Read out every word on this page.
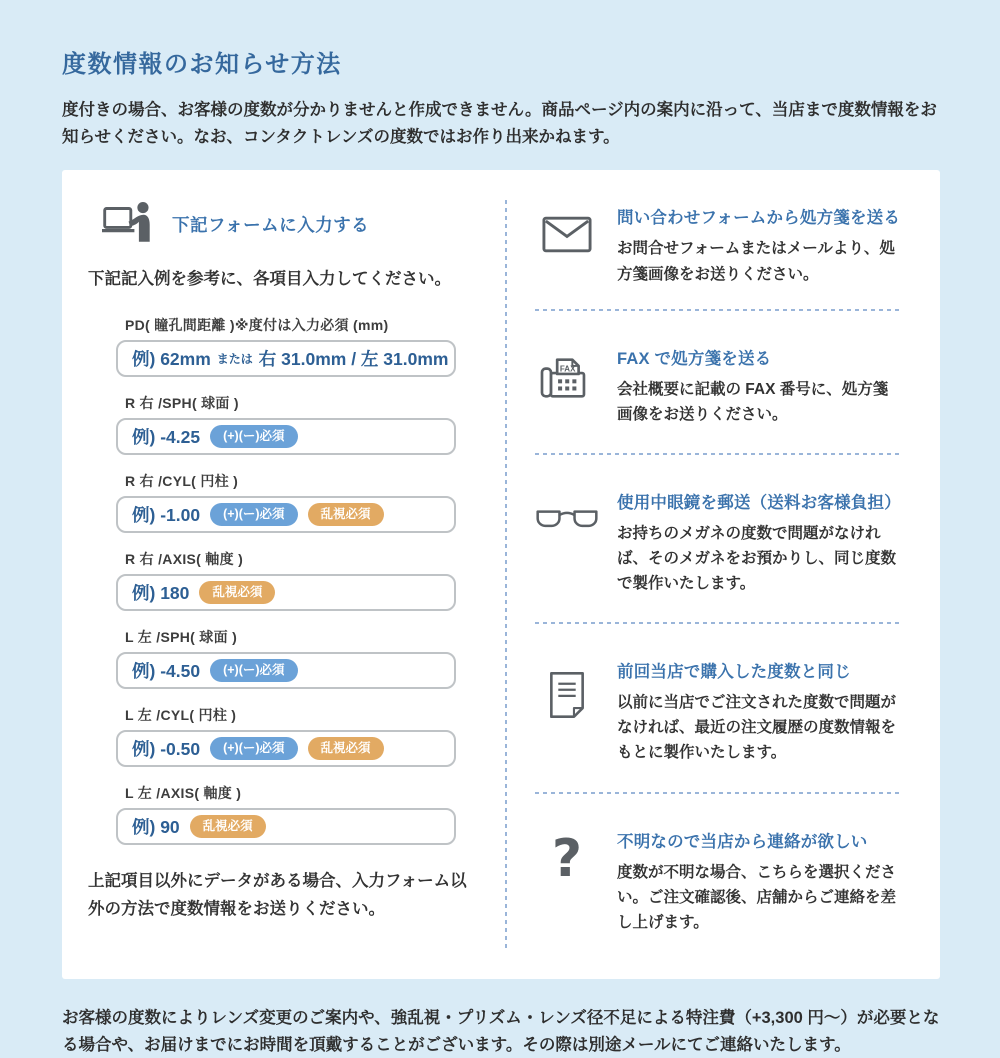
度数情報のお知らせ方法

度付きの場合、お客様の度数が分かりませんと作成できません。商品ページ内の案内に沿って、当店まで度数情報をお知らせください。なお、コンタクトレンズの度数ではお作り出来かねます。

下記フォームに入力する

下記記入例を参考に、各項目入力してください。

PD( 瞳孔間距離 )※度付は入力必須 (mm)
例) 62mm または 右 31.0mm / 左 31.0mm
R 右 /SPH( 球面 )
例) -4.25	(+)(ー)必須
R 右 /CYL( 円柱 )
例) -1.00	(+)(ー)必須	乱視必須
R 右 /AXIS( 軸度 )
例) 180	乱視必須
L 左 /SPH( 球面 )
例) -4.50	(+)(ー)必須
L 左 /CYL( 円柱 )
例) -0.50	(+)(ー)必須	乱視必須
L 左 /AXIS( 軸度 )
例) 90	乱視必須

上記項目以外にデータがある場合、入力フォーム以外の方法で度数情報をお送りください。

問い合わせフォームから処方箋を送る

お問合せフォームまたはメールより、処方箋画像をお送りください。

FAX

FAX で処方箋を送る

会社概要に記載の FAX 番号に、処方箋画像をお送りください。

使用中眼鏡を郵送（送料お客様負担）

お持ちのメガネの度数で問題がなければ、そのメガネをお預かりし、同じ度数で製作いたします。

前回当店で購入した度数と同じ

以前に当店でご注文された度数で問題がなければ、最近の注文履歴の度数情報をもとに製作いたします。

? 不明なので当店から連絡が欲しい

度数が不明な場合、こちらを選択ください。ご注文確認後、店舗からご連絡を差し上げます。

お客様の度数によりレンズ変更のご案内や、強乱視・プリズム・レンズ径不足による特注費（+3,300 円～）が必要となる場合や、お届けまでにお時間を頂戴することがございます。その際は別途メールにてご連絡いたします。
